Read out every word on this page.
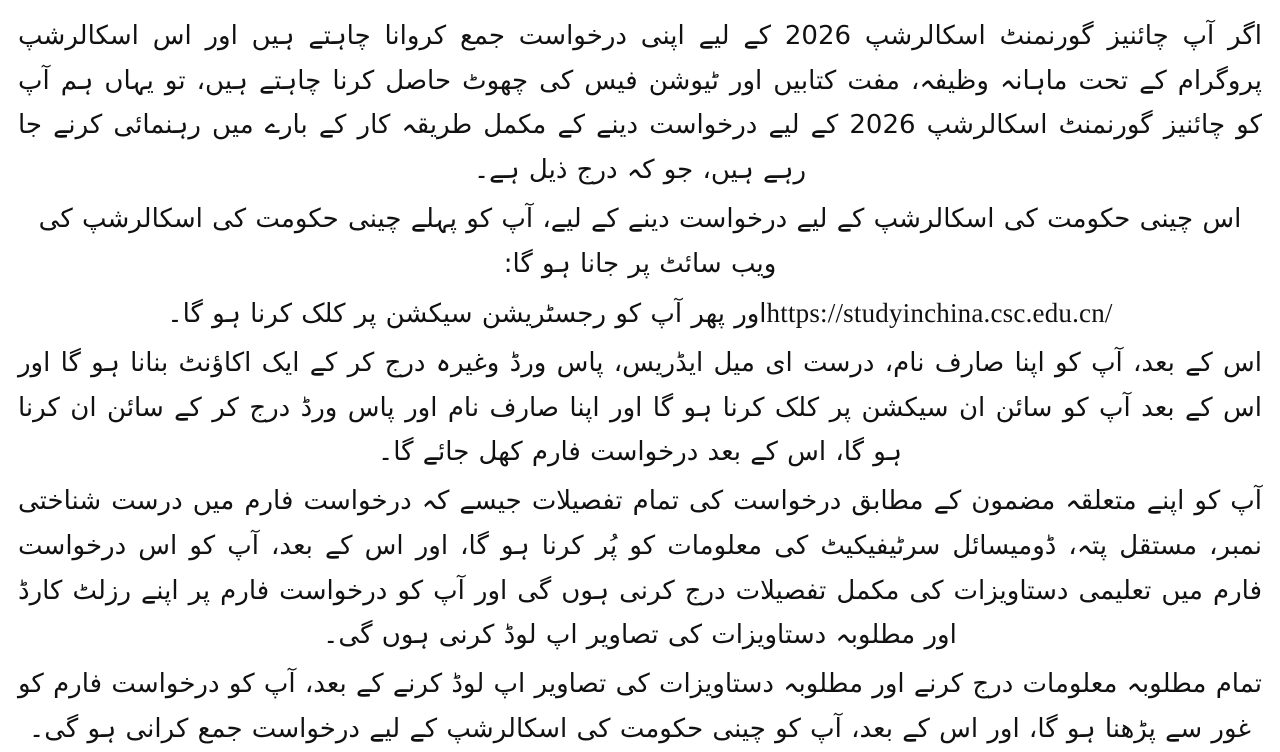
اگر آپ چائنیز گورنمنٹ اسکالرشپ 2026 کے لیے اپنی درخواست جمع کروانا چاہتے ہیں اور اس اسکالرشپ پروگرام کے تحت ماہانہ وظیفہ، مفت کتابیں اور ٹیوشن فیس کی چھوٹ حاصل کرنا چاہتے ہیں، تو یہاں ہم آپ کو چائنیز گورنمنٹ اسکالرشپ 2026 کے لیے درخواست دینے کے مکمل طریقہ کار کے بارے میں رہنمائی کرنے جا رہے ہیں، جو کہ درج ذیل ہے۔

اس چینی حکومت کی اسکالرشپ کے لیے درخواست دینے کے لیے، آپ کو پہلے چینی حکومت کی اسکالرشپ کی ویب سائٹ پر جانا ہو گا:

https://studyinchina.csc.edu.cn/اور پھر آپ کو رجسٹریشن سیکشن پر کلک کرنا ہو گا۔

اس کے بعد، آپ کو اپنا صارف نام، درست ای میل ایڈریس، پاس ورڈ وغیرہ درج کر کے ایک اکاؤنٹ بنانا ہو گا اور اس کے بعد آپ کو سائن ان سیکشن پر کلک کرنا ہو گا اور اپنا صارف نام اور پاس ورڈ درج کر کے سائن ان کرنا ہو گا، اس کے بعد درخواست فارم کھل جائے گا۔

آپ کو اپنے متعلقہ مضمون کے مطابق درخواست کی تمام تفصیلات جیسے کہ درخواست فارم میں درست شناختی نمبر، مستقل پتہ، ڈومیسائل سرٹیفیکیٹ کی معلومات کو پُر کرنا ہو گا، اور اس کے بعد، آپ کو اس درخواست فارم میں تعلیمی دستاویزات کی مکمل تفصیلات درج کرنی ہوں گی اور آپ کو درخواست فارم پر اپنے رزلٹ کارڈ اور مطلوبہ دستاویزات کی تصاویر اپ لوڈ کرنی ہوں گی۔

تمام مطلوبہ معلومات درج کرنے اور مطلوبہ دستاویزات کی تصاویر اپ لوڈ کرنے کے بعد، آپ کو درخواست فارم کو غور سے پڑھنا ہو گا، اور اس کے بعد، آپ کو چینی حکومت کی اسکالرشپ کے لیے درخواست جمع کرانی ہو گی۔
